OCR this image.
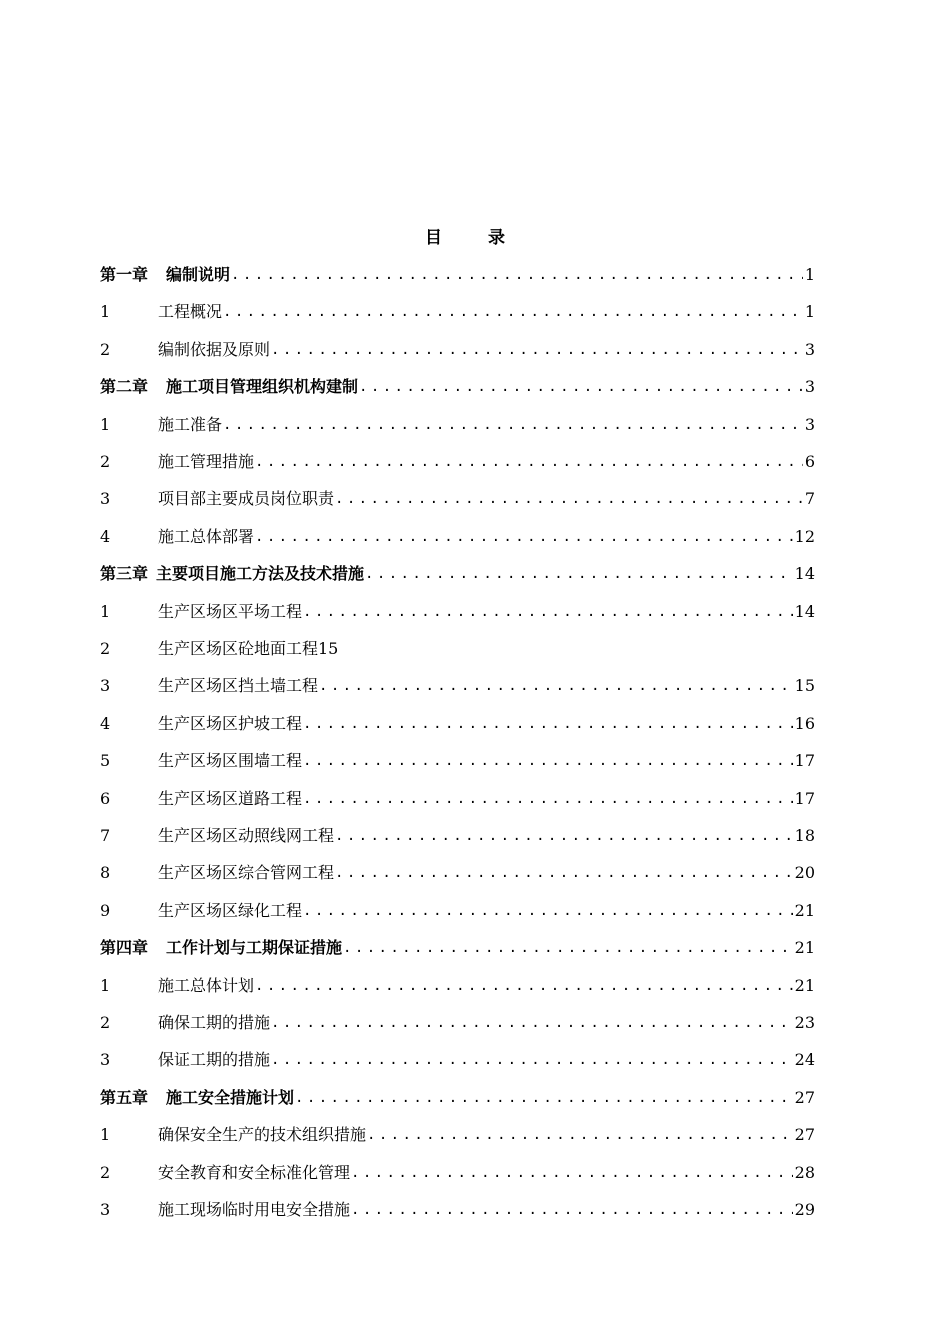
目 录
第一章 编制说明 .....	1
1	工程概况 .....	1
2	编制依据及原则 .....	3
第二章 施工项目管理组织机构建制 .....	3
1	施工准备 .....	3
2	施工管理措施 .....	6
3	项目部主要成员岗位职责 .....	7
4	施工总体部署 .....	12
第三章 主要项目施工方法及技术措施 .....	14
1	生产区场区平场工程 .....	14
2	生产区场区砼地面工程15
3	生产区场区挡土墙工程 .....	15
4	生产区场区护坡工程 .....	16
5	生产区场区围墙工程 .....	17
6	生产区场区道路工程 .....	17
7	生产区场区动照线网工程 .....	18
8	生产区场区综合管网工程 .....	20
9	生产区场区绿化工程 .....	21
第四章 工作计划与工期保证措施 .....	21
1	施工总体计划 .....	21
2	确保工期的措施 .....	23
3	保证工期的措施 .....	24
第五章 施工安全措施计划 .....	27
1	确保安全生产的技术组织措施 .....	27
2	安全教育和安全标准化管理 .....	28
3	施工现场临时用电安全措施 .....	29
